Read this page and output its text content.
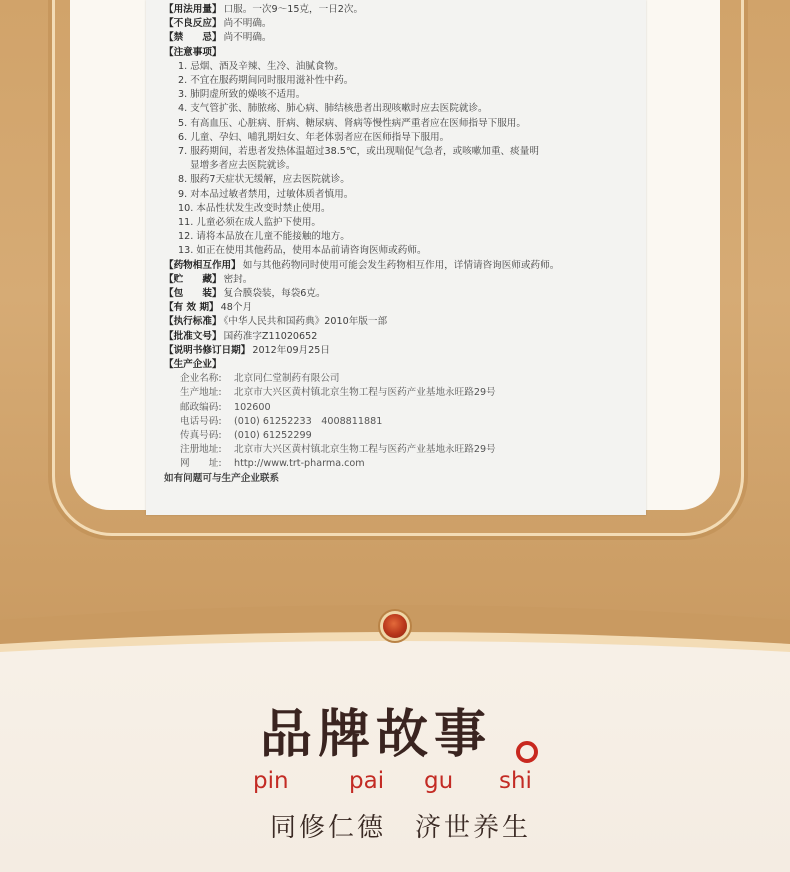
【用法用量】 口服。一次9～15克，一日2次。
【不良反应】 尚不明确。
【禁　　忌】 尚不明确。
【注意事项】
1. 忌烟、酒及辛辣、生冷、油腻食物。
2. 不宜在服药期间同时服用滋补性中药。
3. 肺阴虚所致的燥咳不适用。
4. 支气管扩张、肺脓疡、肺心病、肺结核患者出现咳嗽时应去医院就诊。
5. 有高血压、心脏病、肝病、糖尿病、肾病等慢性病严重者应在医师指导下服用。
6. 儿童、孕妇、哺乳期妇女、年老体弱者应在医师指导下服用。
7. 服药期间，若患者发热体温超过38.5℃，或出现喘促气急者，或咳嗽加重、痰量明
显增多者应去医院就诊。
8. 服药7天症状无缓解，应去医院就诊。
9. 对本品过敏者禁用，过敏体质者慎用。
10. 本品性状发生改变时禁止使用。
11. 儿童必须在成人监护下使用。
12. 请将本品放在儿童不能接触的地方。
13. 如正在使用其他药品，使用本品前请咨询医师或药师。
【药物相互作用】 如与其他药物同时使用可能会发生药物相互作用，详情请咨询医师或药师。
【贮　　藏】 密封。
【包　　装】 复合膜袋装，每袋6克。
【有 效 期】 48个月
【执行标准】 《中华人民共和国药典》2010年版一部
【批准文号】 国药准字Z11020652
【说明书修订日期】 2012年09月25日
【生产企业】
企业名称: 北京同仁堂制药有限公司
生产地址: 北京市大兴区黄村镇北京生物工程与医药产业基地永旺路29号
邮政编码: 102600
电话号码: (010) 61252233　4008811881
传真号码: (010) 61252299
注册地址: 北京市大兴区黄村镇北京生物工程与医药产业基地永旺路29号
网　　址: http://www.trt-pharma.com
如有问题可与生产企业联系
品牌故事
pin	pai gu shi
同修仁德　济世养生
